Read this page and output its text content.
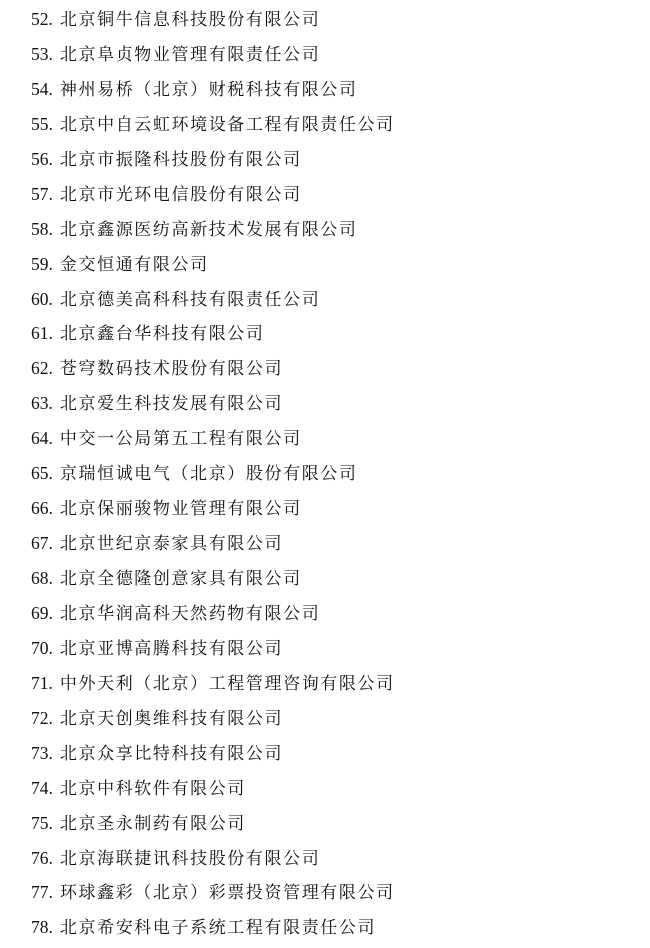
52. 北京铜牛信息科技股份有限公司
53. 北京阜贞物业管理有限责任公司
54. 神州易桥（北京）财税科技有限公司
55. 北京中自云虹环境设备工程有限责任公司
56. 北京市振隆科技股份有限公司
57. 北京市光环电信股份有限公司
58. 北京鑫源医纺高新技术发展有限公司
59. 金交恒通有限公司
60. 北京德美高科科技有限责任公司
61. 北京鑫台华科技有限公司
62. 苍穹数码技术股份有限公司
63. 北京爱生科技发展有限公司
64. 中交一公局第五工程有限公司
65. 京瑞恒诚电气（北京）股份有限公司
66. 北京保丽骏物业管理有限公司
67. 北京世纪京泰家具有限公司
68. 北京全德隆创意家具有限公司
69. 北京华润高科天然药物有限公司
70. 北京亚博高腾科技有限公司
71. 中外天利（北京）工程管理咨询有限公司
72. 北京天创奥维科技有限公司
73. 北京众享比特科技有限公司
74. 北京中科软件有限公司
75. 北京圣永制药有限公司
76. 北京海联捷讯科技股份有限公司
77. 环球鑫彩（北京）彩票投资管理有限公司
78. 北京希安科电子系统工程有限责任公司
